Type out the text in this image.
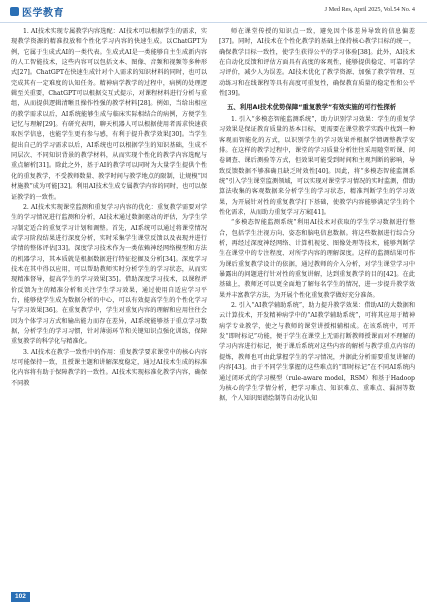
医学教育	J Med Res, April 2025, Vol.54 No. 4

1. AI技术实现专属教学内容选配：AI技术可以根据学生的需求，实现教学资源的精准投放和个性化学习内容的快速生成。以ChatGPT为例，它属于生成式AI的一类代表。生成式AI是一类能够自主生成新内容的人工智能技术，这些内容可以包括文本、图像、音频和视频等多种形式[27]。ChatGPT在快速生成针对个人需求的知识材料的同时，也可以完成其有一定难度的认知任务。精神病学教学的过程中，病例的处理逻辑至关重要，ChatGPT可以根据交互式提示，对课程材料进行分析与重组，从而提供逻辑清晰且操作性强的教学材料[28]。例如，当给出相应的教学需求以后，AI系统能够生成与临床实际相结合的病例，方便学生记忆与理解[29]。有研究表明，聊天机器人可以根据使用者需求快速获取医学信息，也能学生更有参与感，有利于提升教学效果[30]。当学生提出自己的学习需求以后，AI系统也可以根据学生的知识基础，生成不同层次、不同知识背景的教学材料，从而实现个性化的教学内容选配与重点解析[31]。除此之外，基于AI的教学可以同时为大量学生提供个性化的重复教学，不受教师数量、教学时间与教学地点的限制，让规模“因材施教”成为可能[32]。利用AI技术生成专属教学内容的同时，也可以保证教学的一致性。

2. AI技术实现课堂监测和重复学习内容的优化：重复教学需要对学生的学习情况进行监测和分析，AI技术通过数据驱动的评估，为学生学习制定适合的重复学习计划和调整。首先，AI系统可以通过将课堂情况或学习阶段结果进行深度分析，实时采集学生课堂反馈以及表现并进行学情的整体评估[33]。深度学习技术作为一类依赖神经网络模型和方法的机器学习，其本质就是根据数据进行特征挖掘及分析[34]。深度学习技术在其中得以应用，可以帮助教师实时分析学生的学习状态，从而实现精准督导，提高学生的学习效果[35]。借助深度学习技术，以课程评价反馈为主的精准分析和关注学生学习效果，通过使用自适应学习平台，能够使学生成为数据分析的中心，可以有效提高学生的个性化学习与学习效果[36]。在重复教学中，学生对重复内容的理解和应用往往会因为个体学习方式和输出能力而存在差异，AI系统能够基于重点学习数据，分析学生的学习习惯，针对薄弱环节和关键知识点强化训练，保障重复教学的科学化与精准化。

3. AI技术在教学一致性中的作用：重复教学要求课堂中的核心内容尽可能保持一致，且授课主题和讲解深度稳定，通过AI技术生成的标准化内容将有助于保障教学的一致性。AI技术实现标准化教学内容，确保不同教

师在课堂传授的知识点一致，避免因个体差异导致的信息偏差[37]。同时，AI技术在个性化教学的基础上保持核心教学目标的统一，确保教学目标一致性，使学生获得公平的学习体验[38]。此外，AI技术在自动化反馈和评估方面具有高度的客观性，能够提供稳定、可靠的学习评价，减少人为误差。AI技术优化了教学资源、加强了教学管理、互动练习和在线课程等具有高度可重复性，确保教育质量的稳定性和公平性[39]。

五、利用AI技术优势保障“重复教学”有效实施的可行性探析

1. 引入“多模态智能监测系统”，助力识别学习效果：学生的重复学习效果是保证教育质量的基本目标，更需要在课堂教学实践中找到一种客观而智能化的方式，以识别学生的学习效果并根据学情调整教学安排。在这样的教学过程中，课堂的学习质量分析往往采用随堂听课、问卷调查、课后测验等方式，但效果可能受到时间和主观判断的影响，导致反馈数据不够准确且缺乏时效性[40]。因此，将“多模态智能监测系统”引入学生课堂监测领域，可以实现对课堂学习情况的实时监测，借助算法收集的客观数据来分析学生的学习状态，精准判断学生的学习效果，为开展针对性的重复教学打下基础，使教学内容能够满足学生的个性化需求，从而助力重复学习方案[41]。

“多模态智能监测系统”利用AI技术对获取的学生学习数据进行整合，包括学生注视方向、姿态和脑电信息数据。将这些数据进行综合分析，再经过深度神经网络、计算机视觉、图像处理等技术，能够判断学生在课堂中的专注程度、对所学内容的理解深度。这样的监测结果可作为课后重复教学设计的依据，通过教师的介入分析，对学生课堂学习中暴露出的问题进行针对性的重复讲解，达到重复教学的目的[42]。在此基础上，教师还可以更全面地了解每名学生的情况，进一步提升教学效果并丰富教学方法，为开展个性化重复教学做好充分准备。

2. 引入“AI教学辅助系统”，助力提升教学效果：借助AI的大数据和云计算技术，开发精神病学中的“AI教学辅助系统”，可将其应用于精神病学专业教学，使之与教师的课堂讲授相辅相成。在该系统中，可开发“即时标记”功能，便于学生在课堂上无需打断教师授课而对不理解的学习内容进行标记，便于课后系统对这些内容的解析与教学重点内容的提炼，教师也可由此掌握学生的学习情况，并据此分析需要重复讲解的内容[43]。由于不同学生掌握的这些难点的“即时标记”在不同AI系统内通过闭环式的学习模型（rule-aware model，RSM）和基于Hadoop为核心的学生学情分析，把学习难点、知识难点、重难点、漏洞等数据，个人知识图谱绘制等自动化认知

102
